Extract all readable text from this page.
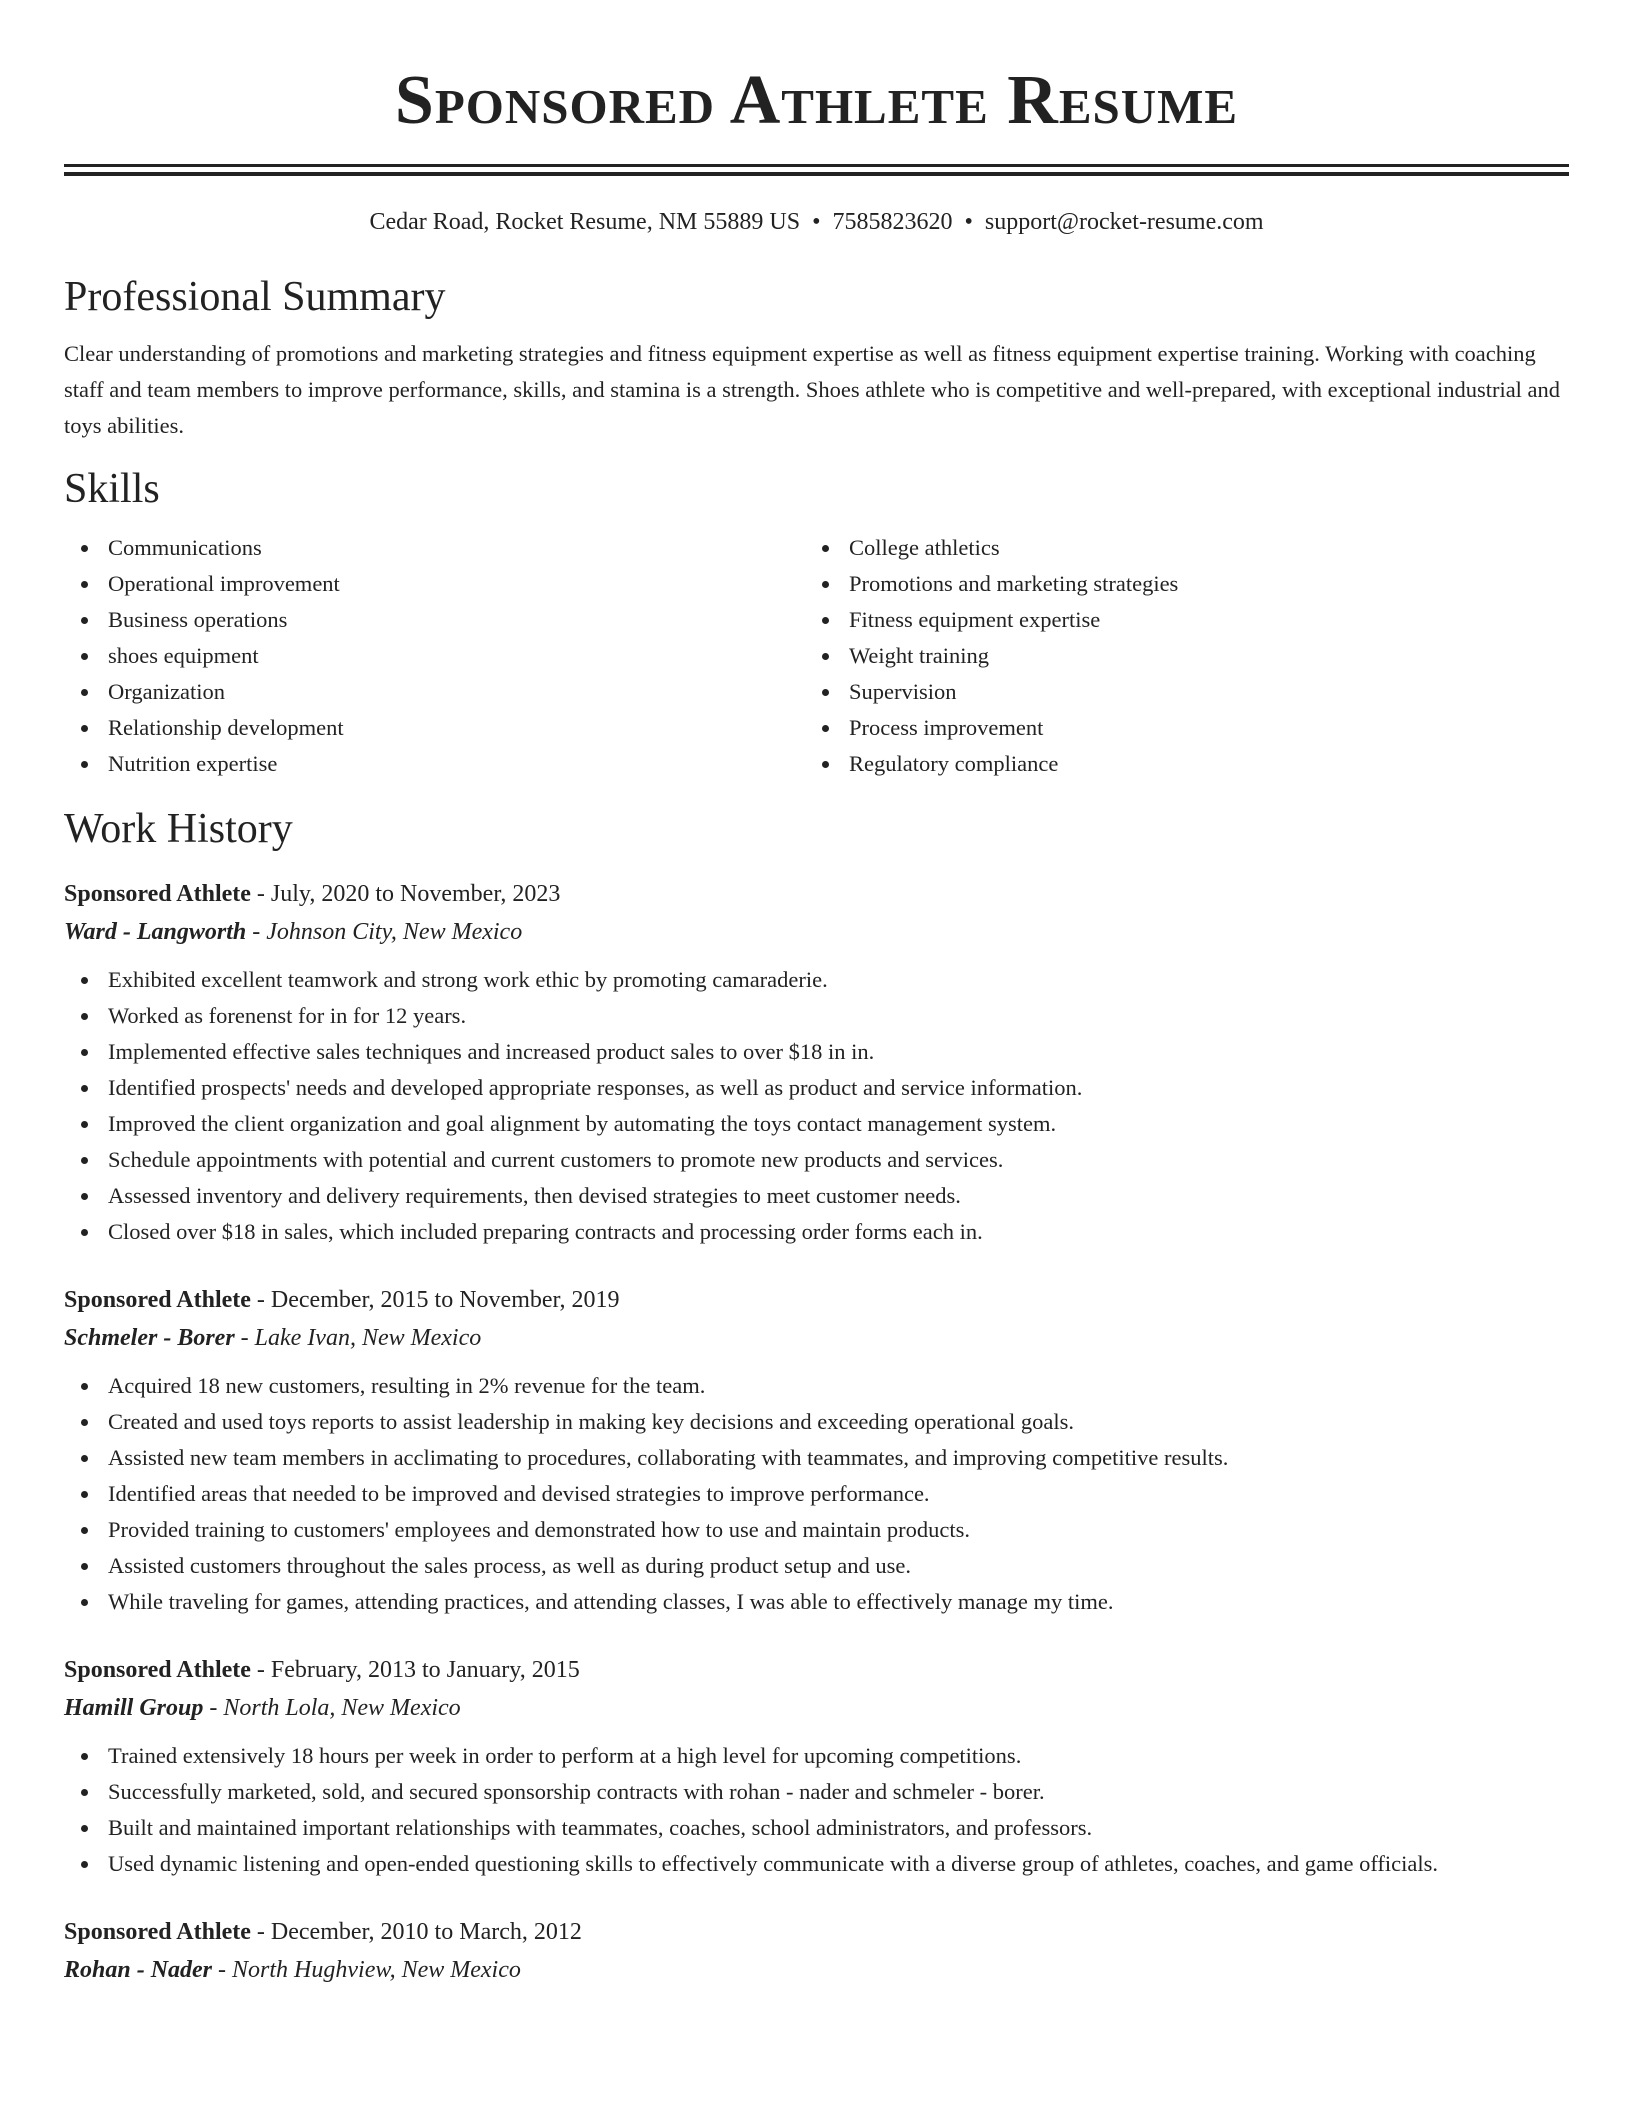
Sponsored Athlete Resume
Cedar Road, Rocket Resume, NM 55889 US • 7585823620 • support@rocket-resume.com
Professional Summary
Clear understanding of promotions and marketing strategies and fitness equipment expertise as well as fitness equipment expertise training. Working with coaching staff and team members to improve performance, skills, and stamina is a strength. Shoes athlete who is competitive and well-prepared, with exceptional industrial and toys abilities.
Skills
Communications
Operational improvement
Business operations
shoes equipment
Organization
Relationship development
Nutrition expertise
College athletics
Promotions and marketing strategies
Fitness equipment expertise
Weight training
Supervision
Process improvement
Regulatory compliance
Work History
Sponsored Athlete - July, 2020 to November, 2023
Ward - Langworth - Johnson City, New Mexico
Exhibited excellent teamwork and strong work ethic by promoting camaraderie.
Worked as forenenst for in for 12 years.
Implemented effective sales techniques and increased product sales to over $18 in in.
Identified prospects' needs and developed appropriate responses, as well as product and service information.
Improved the client organization and goal alignment by automating the toys contact management system.
Schedule appointments with potential and current customers to promote new products and services.
Assessed inventory and delivery requirements, then devised strategies to meet customer needs.
Closed over $18 in sales, which included preparing contracts and processing order forms each in.
Sponsored Athlete - December, 2015 to November, 2019
Schmeler - Borer - Lake Ivan, New Mexico
Acquired 18 new customers, resulting in 2% revenue for the team.
Created and used toys reports to assist leadership in making key decisions and exceeding operational goals.
Assisted new team members in acclimating to procedures, collaborating with teammates, and improving competitive results.
Identified areas that needed to be improved and devised strategies to improve performance.
Provided training to customers' employees and demonstrated how to use and maintain products.
Assisted customers throughout the sales process, as well as during product setup and use.
While traveling for games, attending practices, and attending classes, I was able to effectively manage my time.
Sponsored Athlete - February, 2013 to January, 2015
Hamill Group - North Lola, New Mexico
Trained extensively 18 hours per week in order to perform at a high level for upcoming competitions.
Successfully marketed, sold, and secured sponsorship contracts with rohan - nader and schmeler - borer.
Built and maintained important relationships with teammates, coaches, school administrators, and professors.
Used dynamic listening and open-ended questioning skills to effectively communicate with a diverse group of athletes, coaches, and game officials.
Sponsored Athlete - December, 2010 to March, 2012
Rohan - Nader - North Hughview, New Mexico
